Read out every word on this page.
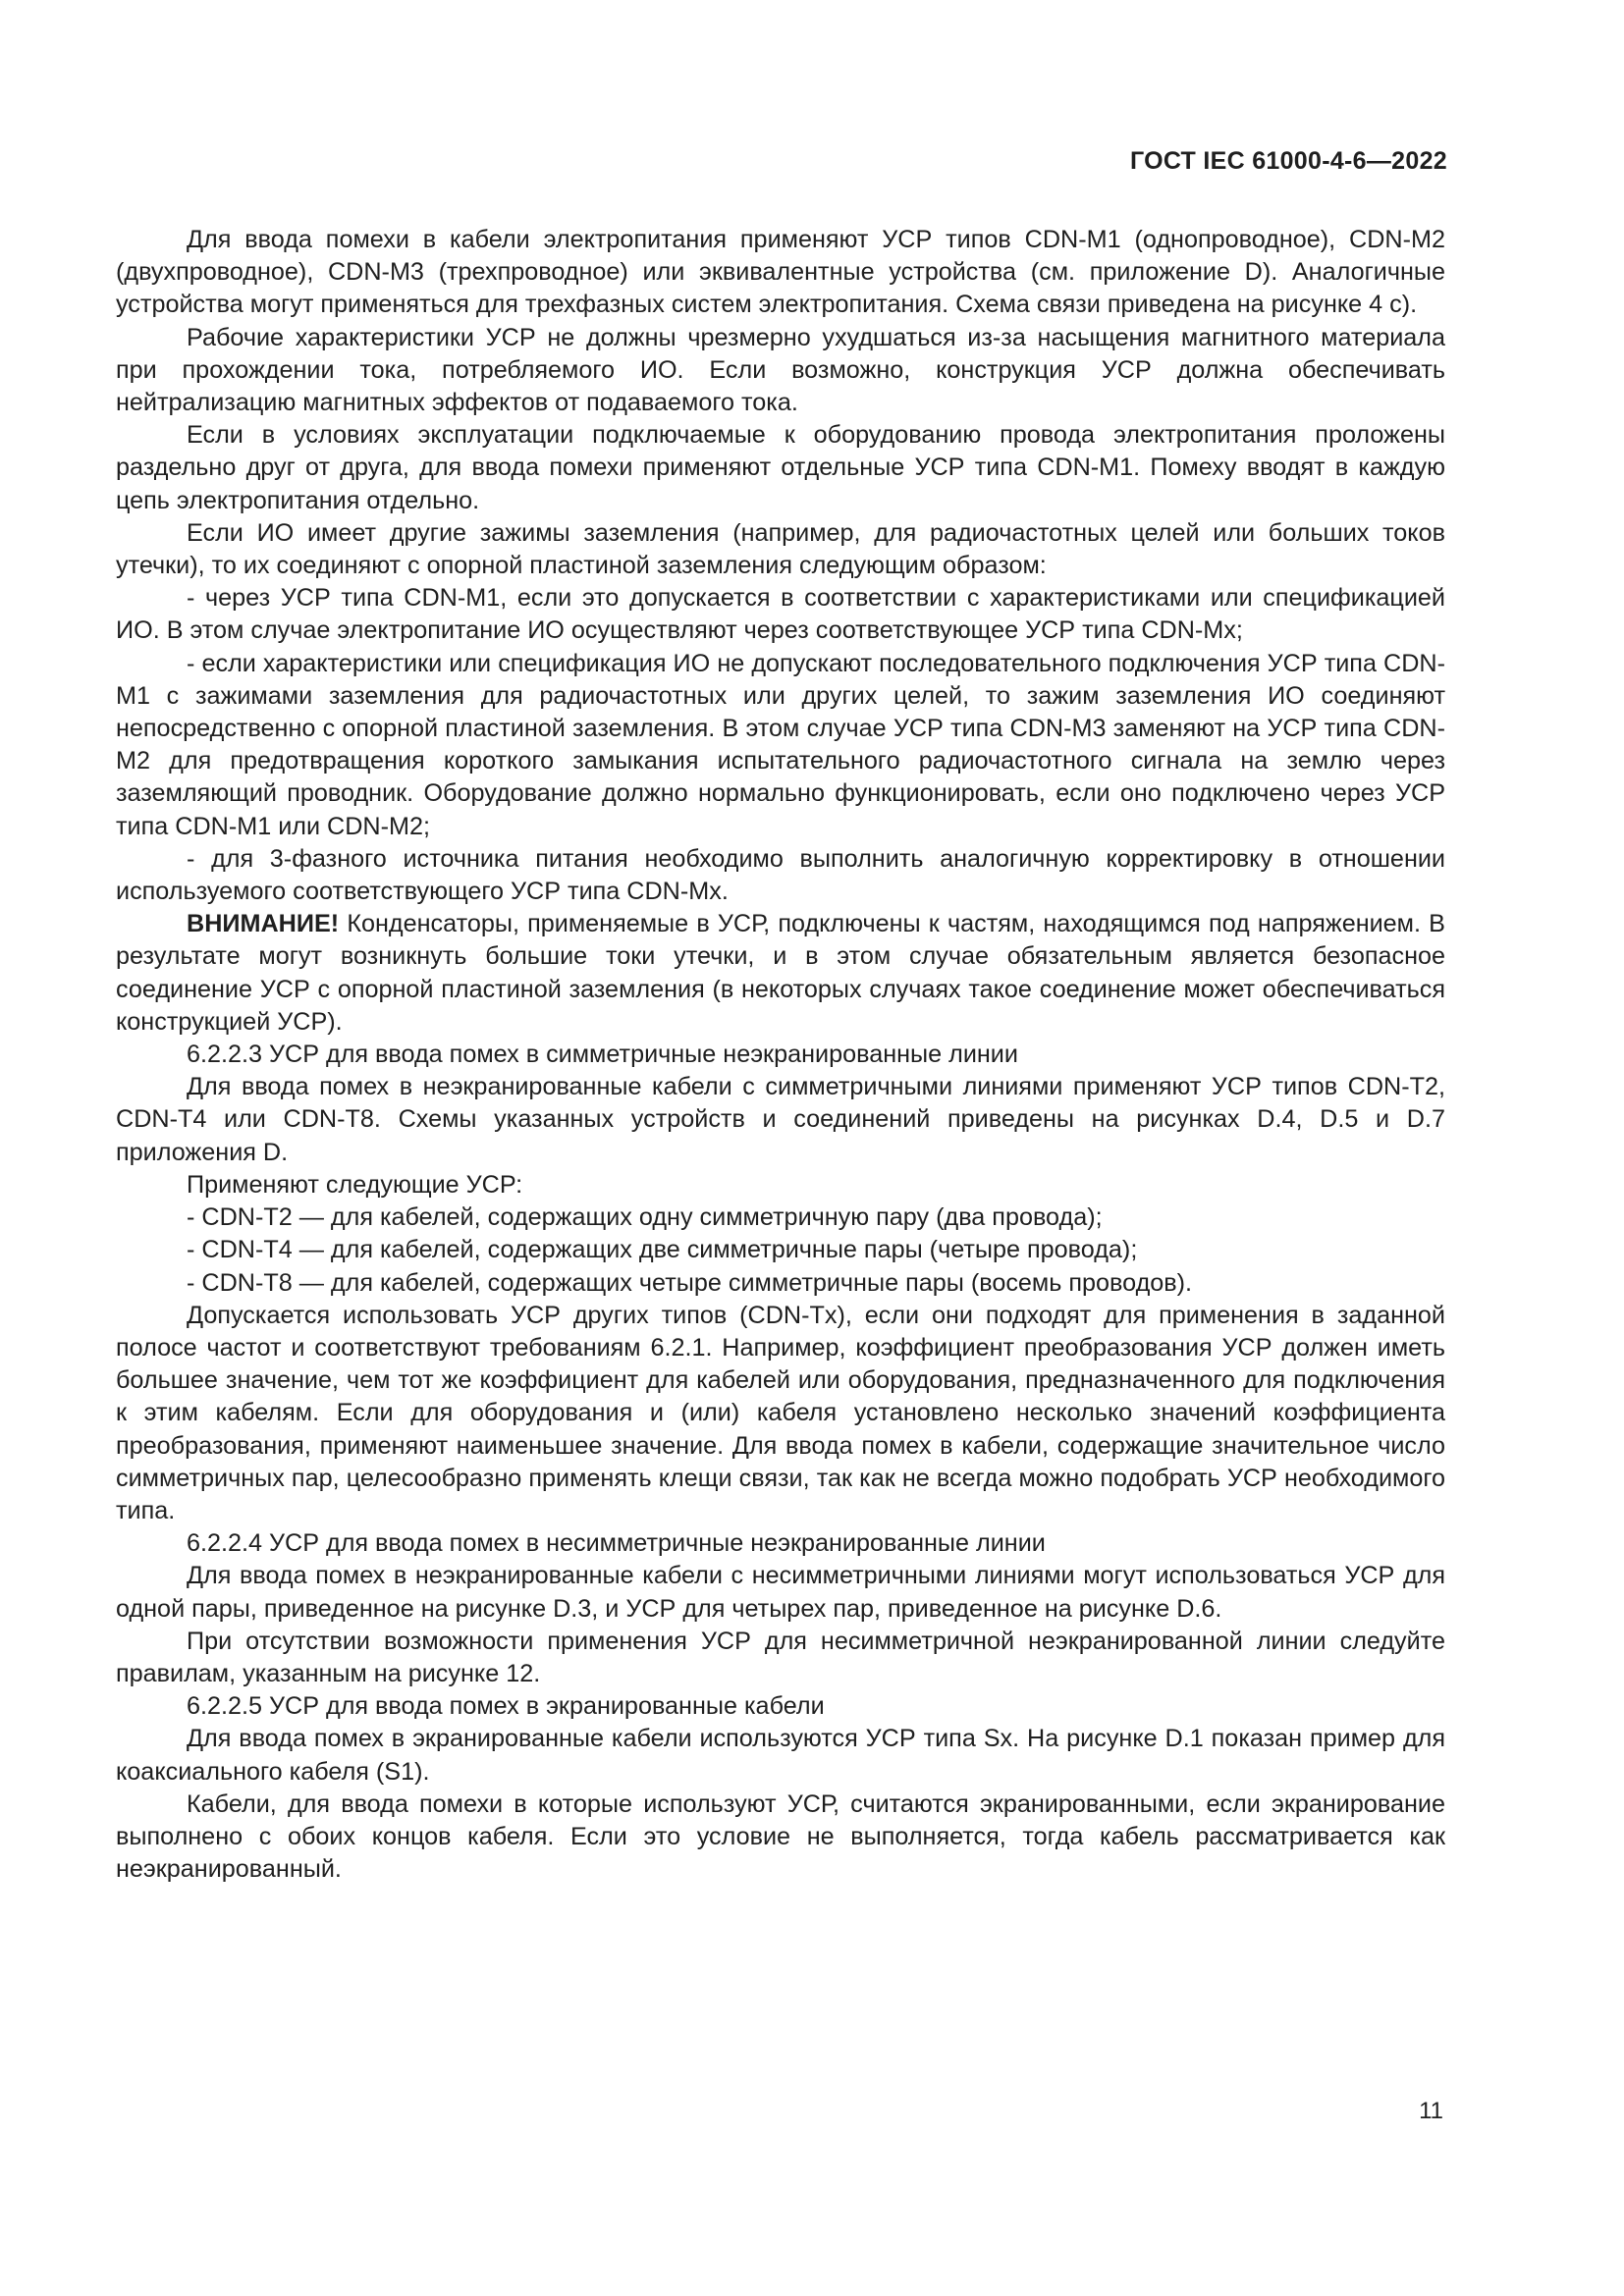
ГОСТ IEC 61000-4-6—2022

Для ввода помехи в кабели электропитания применяют УСР типов CDN-M1 (однопроводное), CDN-M2 (двухпроводное), CDN-M3 (трехпроводное) или эквивалентные устройства (см. приложение D). Аналогичные устройства могут применяться для трехфазных систем электропитания. Схема связи приведена на рисунке 4 с).

Рабочие характеристики УСР не должны чрезмерно ухудшаться из-за насыщения магнитного материала при прохождении тока, потребляемого ИО. Если возможно, конструкция УСР должна обеспечивать нейтрализацию магнитных эффектов от подаваемого тока.

Если в условиях эксплуатации подключаемые к оборудованию провода электропитания проложены раздельно друг от друга, для ввода помехи применяют отдельные УСР типа CDN-M1. Помеху вводят в каждую цепь электропитания отдельно.

Если ИО имеет другие зажимы заземления (например, для радиочастотных целей или больших токов утечки), то их соединяют с опорной пластиной заземления следующим образом:

- через УСР типа CDN-M1, если это допускается в соответствии с характеристиками или спецификацией ИО. В этом случае электропитание ИО осуществляют через соответствующее УСР типа CDN-Mx;

- если характеристики или спецификация ИО не допускают последовательного подключения УСР типа CDN-M1 с зажимами заземления для радиочастотных или других целей, то зажим заземления ИО соединяют непосредственно с опорной пластиной заземления. В этом случае УСР типа CDN-M3 заменяют на УСР типа CDN-M2 для предотвращения короткого замыкания испытательного радиочастотного сигнала на землю через заземляющий проводник. Оборудование должно нормально функционировать, если оно подключено через УСР типа CDN-M1 или CDN-M2;

- для 3-фазного источника питания необходимо выполнить аналогичную корректировку в отношении используемого соответствующего УСР типа CDN-Mx.

ВНИМАНИЕ! Конденсаторы, применяемые в УСР, подключены к частям, находящимся под напряжением. В результате могут возникнуть большие токи утечки, и в этом случае обязательным является безопасное соединение УСР с опорной пластиной заземления (в некоторых случаях такое соединение может обеспечиваться конструкцией УСР).

6.2.2.3 УСР для ввода помех в симметричные неэкранированные линии

Для ввода помех в неэкранированные кабели с симметричными линиями применяют УСР типов CDN-T2, CDN-T4 или CDN-T8. Схемы указанных устройств и соединений приведены на рисунках D.4, D.5 и D.7 приложения D.

Применяют следующие УСР:

- CDN-T2 — для кабелей, содержащих одну симметричную пару (два провода);

- CDN-T4 — для кабелей, содержащих две симметричные пары (четыре провода);

- CDN-T8 — для кабелей, содержащих четыре симметричные пары (восемь проводов).

Допускается использовать УСР других типов (CDN-Tx), если они подходят для применения в заданной полосе частот и соответствуют требованиям 6.2.1. Например, коэффициент преобразования УСР должен иметь большее значение, чем тот же коэффициент для кабелей или оборудования, предназначенного для подключения к этим кабелям. Если для оборудования и (или) кабеля установлено несколько значений коэффициента преобразования, применяют наименьшее значение. Для ввода помех в кабели, содержащие значительное число симметричных пар, целесообразно применять клещи связи, так как не всегда можно подобрать УСР необходимого типа.

6.2.2.4 УСР для ввода помех в несимметричные неэкранированные линии

Для ввода помех в неэкранированные кабели с несимметричными линиями могут использоваться УСР для одной пары, приведенное на рисунке D.3, и УСР для четырех пар, приведенное на рисунке D.6.

При отсутствии возможности применения УСР для несимметричной неэкранированной линии следуйте правилам, указанным на рисунке 12.

6.2.2.5 УСР для ввода помех в экранированные кабели

Для ввода помех в экранированные кабели используются УСР типа Sx. На рисунке D.1 показан пример для коаксиального кабеля (S1).

Кабели, для ввода помехи в которые используют УСР, считаются экранированными, если экранирование выполнено с обоих концов кабеля. Если это условие не выполняется, тогда кабель рассматривается как неэкранированный.

11
